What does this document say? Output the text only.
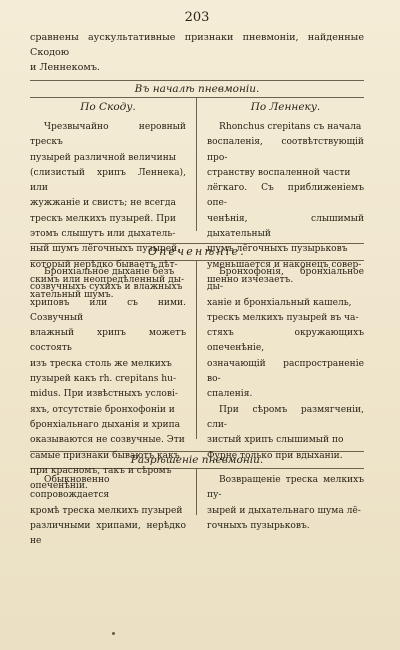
203

сравнены аускультативные признаки пневмоніи, найденные Скодою

и Леннекомъ.

Въ началѣ пневмоніи.
По Скоду.

Чрезвычайно неровный трескъ
пузырей различной величины
(слизистый хрипъ Леннека), или
жужжаніе и свистъ; не всегда
трескъ мелкихъ пузырей. При
этомъ слышутъ или дыхатель-
ный шумъ лёгочныхъ пузырей,
который нерѣдко бываетъ дѣт-
скимъ или неопредѣленный ды-
хательный шумъ.

По Леннеку.

Rhonchus crepitans съ начала
воспаленія, соотвѣтствующій про-
странству воспаленной части
лёгкаго. Съ приближеніемъ опе-
ченѣнія, слышимый дыхательный
шумъ лёгочныхъ пузырьковъ
уменьшается и наконецъ совер-
шенно изчезаетъ.

Опеченѣніе.

Бронхіальное дыханіе безъ
созвучныхъ сухихъ и влажныхъ
хриповъ или съ ними. Созвучный
влажный хрипъ можетъ состоять
изъ треска столь же мелкихъ
пузырей какъ rh. crepitans hu-
midus. При извѣстныхъ услові-
яхъ, отсутствіе бронхофоніи и
бронхіальнаго дыханія и хрипа
оказываются не созвучные. Эти
самые признаки бываютъ какъ
при красномъ, такъ и сѣромъ
опеченѣніи.

Бронхофонія, бронхіальное ды-
ханіе и бронхіальный кашель,
трескъ мелкихъ пузырей въ ча-
стяхъ окружающихъ опеченѣніе,
означающій распространеніе во-
спаленія.

При сѣромъ размягченіи, сли-
зистый хрипъ слышимый по
Фурнe только при вдыханіи.

Разрѣшеніе пневмоніи.

Обыкновенно сопровождается
кромѣ треска мелкихъ пузырей
различными хрипами, нерѣдко не

Возвращеніе треска мелкихъ пу-
зырей и дыхательнаго шума лё-
гочныхъ пузырьковъ.
